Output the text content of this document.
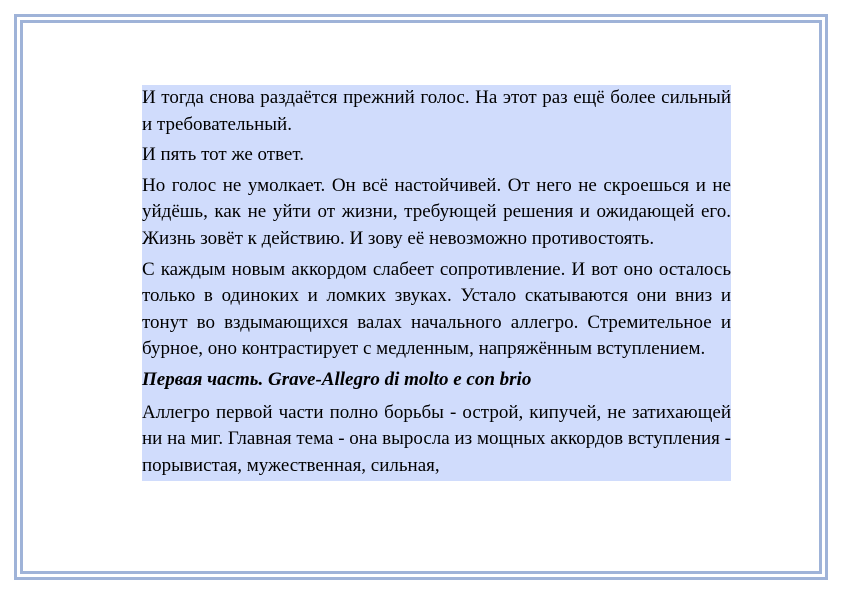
И тогда снова раздаётся прежний голос. На этот раз ещё более сильный и требовательный.

И пять тот же ответ.

Но голос не умолкает. Он всё настойчивей. От него не скроешься и не уйдёшь, как не уйти от жизни, требующей решения и ожидающей его. Жизнь зовёт к действию. И зову её невозможно противостоять.

С каждым новым аккордом слабеет сопротивление. И вот оно осталось только в одиноких и ломких звуках. Устало скатываются они вниз и тонут во вздымающихся валах начального аллегро. Стремительное и бурное, оно контрастирует с медленным, напряжённым вступлением.

Первая часть. Grave-Allegro di molto e con brio

Аллегро первой части полно борьбы - острой, кипучей, не затихающей ни на миг. Главная тема - она выросла из мощных аккордов вступления - порывистая, мужественная, сильная,
